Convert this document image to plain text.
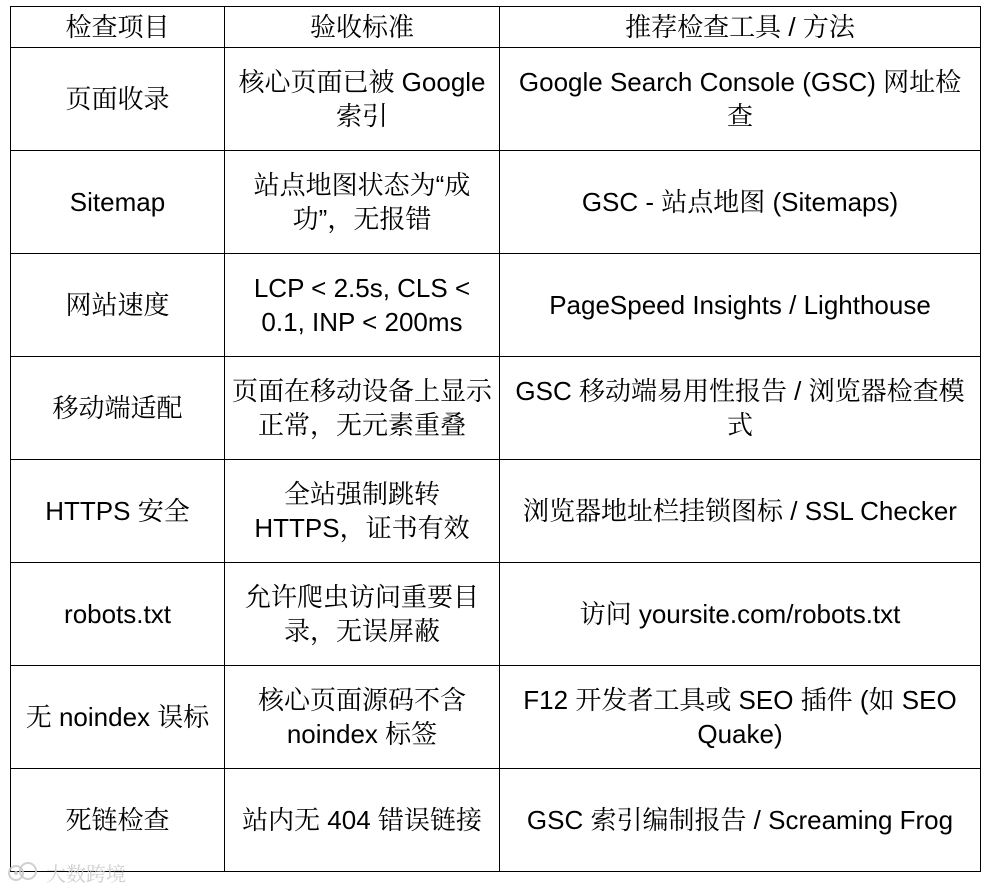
检查项目	验收标准	推荐检查工具 / 方法
页面收录	核心页面已被 Google 索引	Google Search Console (GSC) 网址检查
Sitemap	站点地图状态为“成功”，无报错	GSC - 站点地图 (Sitemaps)
网站速度	LCP < 2.5s, CLS < 0.1, INP < 200ms	PageSpeed Insights / Lighthouse
移动端适配	页面在移动设备上显示正常，无元素重叠	GSC 移动端易用性报告 / 浏览器检查模式
HTTPS 安全	全站强制跳转 HTTPS，证书有效	浏览器地址栏挂锁图标 / SSL Checker
robots.txt	允许爬虫访问重要目录，无误屏蔽	访问 yoursite.com/robots.txt
无 noindex 误标	核心页面源码不含 noindex 标签	F12 开发者工具或 SEO 插件 (如 SEO Quake)
死链检查	站内无 404 错误链接	GSC 索引编制报告 / Screaming Frog
大数跨境
